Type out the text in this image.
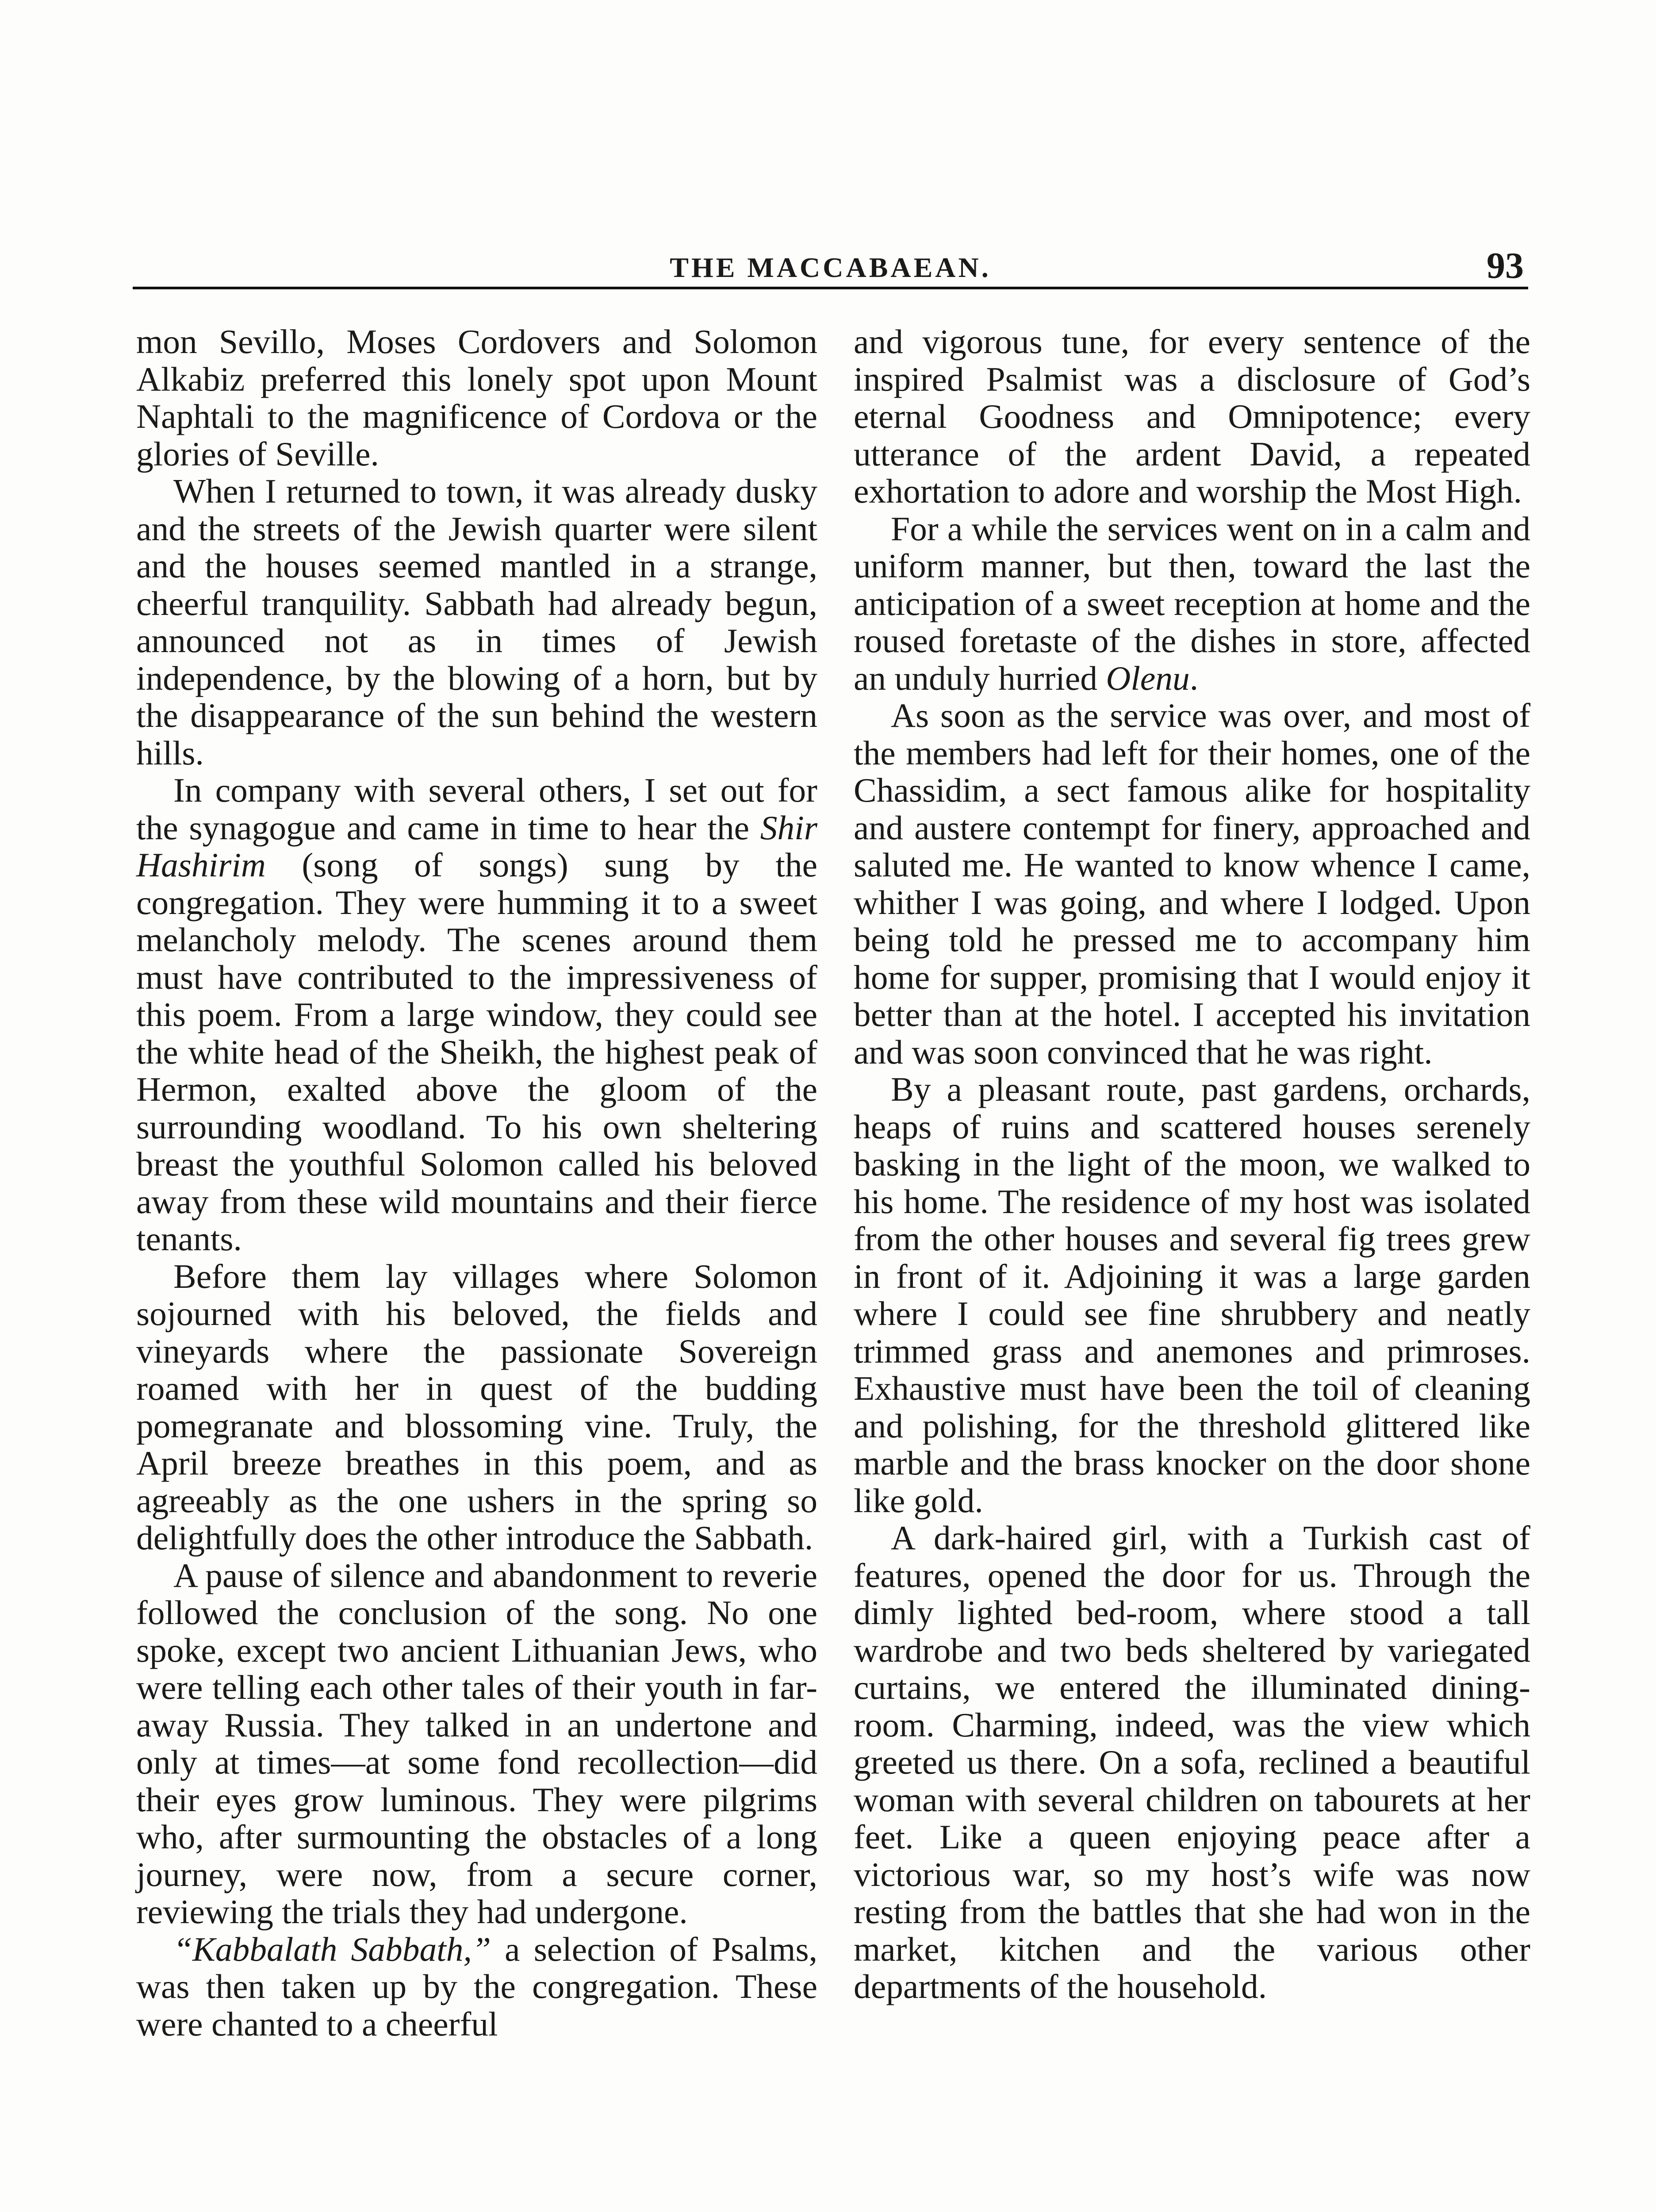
THE MACCABAEAN.	93

mon Sevillo, Moses Cordovers and Solomon Alkabiz preferred this lonely spot upon Mount Naphtali to the magnificence of Cordova or the glories of Seville.

When I returned to town, it was already dusky and the streets of the Jewish quarter were silent and the houses seemed mantled in a strange, cheerful tranquility. Sabbath had already begun, announced not as in times of Jewish independence, by the blowing of a horn, but by the disappearance of the sun behind the western hills.

In company with several others, I set out for the synagogue and came in time to hear the Shir Hashirim (song of songs) sung by the congregation. They were humming it to a sweet melancholy melody. The scenes around them must have contributed to the impressiveness of this poem. From a large window, they could see the white head of the Sheikh, the highest peak of Hermon, exalted above the gloom of the surrounding woodland. To his own sheltering breast the youthful Solomon called his beloved away from these wild mountains and their fierce tenants.

Before them lay villages where Solomon sojourned with his beloved, the fields and vineyards where the passionate Sovereign roamed with her in quest of the budding pomegranate and blossoming vine. Truly, the April breeze breathes in this poem, and as agreeably as the one ushers in the spring so delightfully does the other introduce the Sabbath.

A pause of silence and abandonment to reverie followed the conclusion of the song. No one spoke, except two ancient Lithuanian Jews, who were telling each other tales of their youth in far-away Russia. They talked in an undertone and only at times—at some fond recollection—did their eyes grow luminous. They were pilgrims who, after surmounting the obstacles of a long journey, were now, from a secure corner, reviewing the trials they had undergone.

“Kabbalath Sabbath,” a selection of Psalms, was then taken up by the congregation. These were chanted to a cheerful

and vigorous tune, for every sentence of the inspired Psalmist was a disclosure of God’s eternal Goodness and Omnipotence; every utterance of the ardent David, a repeated exhortation to adore and worship the Most High.

For a while the services went on in a calm and uniform manner, but then, toward the last the anticipation of a sweet reception at home and the roused foretaste of the dishes in store, affected an unduly hurried Olenu.

As soon as the service was over, and most of the members had left for their homes, one of the Chassidim, a sect famous alike for hospitality and austere contempt for finery, approached and saluted me. He wanted to know whence I came, whither I was going, and where I lodged. Upon being told he pressed me to accompany him home for supper, promising that I would enjoy it better than at the hotel. I accepted his invitation and was soon convinced that he was right.

By a pleasant route, past gardens, orchards, heaps of ruins and scattered houses serenely basking in the light of the moon, we walked to his home. The residence of my host was isolated from the other houses and several fig trees grew in front of it. Adjoining it was a large garden where I could see fine shrubbery and neatly trimmed grass and anemones and primroses. Exhaustive must have been the toil of cleaning and polishing, for the threshold glittered like marble and the brass knocker on the door shone like gold.

A dark-haired girl, with a Turkish cast of features, opened the door for us. Through the dimly lighted bed-room, where stood a tall wardrobe and two beds sheltered by variegated curtains, we entered the illuminated dining-room. Charming, indeed, was the view which greeted us there. On a sofa, reclined a beautiful woman with several children on tabourets at her feet. Like a queen enjoying peace after a victorious war, so my host’s wife was now resting from the battles that she had won in the market, kitchen and the various other departments of the household.
